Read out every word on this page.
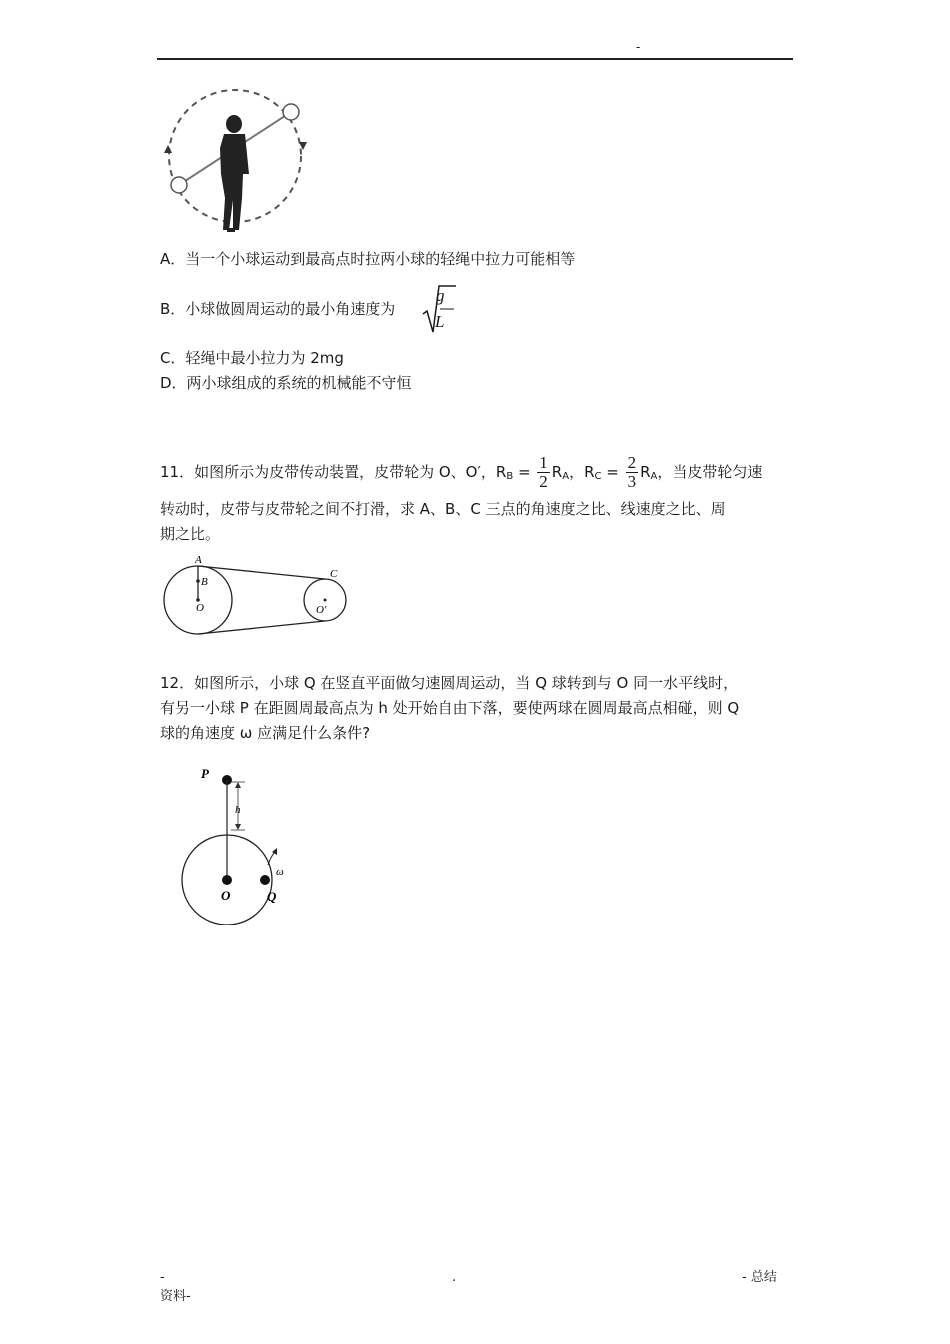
-
A．当一个小球运动到最高点时拉两小球的轻绳中拉力可能相等
B．小球做圆周运动的最小角速度为
g
L
C．轻绳中最小拉力为 2mg
D．两小球组成的系统的机械能不守恒
11．如图所示为皮带传动装置，皮带轮为 O、O′，$R_B = \frac{1}{2} R_A$，$R_C = \frac{2}{3} R_A$，当皮带轮匀速
转动时，皮带与皮带轮之间不打滑，求 A、B、C 三点的角速度之比、线速度之比、周
期之比。
A
B
O
C
O′
12．如图所示，小球 Q 在竖直平面做匀速圆周运动，当 Q 球转到与 O 同一水平线时，
有另一小球 P 在距圆周最高点为 h 处开始自由下落，要使两球在圆周最高点相碰，则 Q
球的角速度 ω 应满足什么条件?
P
h
ω
O	Q
-	.	- 总结
资料-
